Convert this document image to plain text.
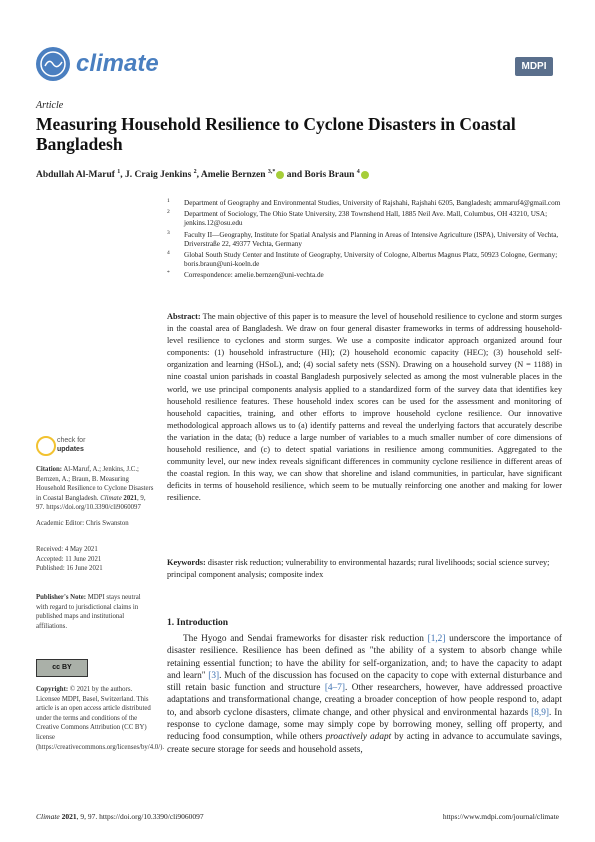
climate	MDPI
Article
Measuring Household Resilience to Cyclone Disasters in Coastal Bangladesh
Abdullah Al-Maruf $^1$, J. Craig Jenkins $^2$, Amelie Bernzen $^{3,*}$ and Boris Braun $^4$
1 Department of Geography and Environmental Studies, University of Rajshahi, Rajshahi 6205, Bangladesh; ammaruf4@gmail.com
2 Department of Sociology, The Ohio State University, 238 Townshend Hall, 1885 Neil Ave. Mall, Columbus, OH 43210, USA; jenkins.12@osu.edu
3 Faculty II—Geography, Institute for Spatial Analysis and Planning in Areas of Intensive Agriculture (ISPA), University of Vechta, Driverstraße 22, 49377 Vechta, Germany
4 Global South Study Center and Institute of Geography, University of Cologne, Albertus Magnus Platz, 50923 Cologne, Germany; boris.braun@uni-koeln.de
* Correspondence: amelie.bernzen@uni-vechta.de
Abstract: The main objective of this paper is to measure the level of household resilience to cyclone and storm surges in the coastal area of Bangladesh. We draw on four general disaster frameworks in terms of addressing household-level resilience to cyclones and storm surges. We use a composite indicator approach organized around four components: (1) household infrastructure (HI); (2) household economic capacity (HEC); (3) household self-organization and learning (HSoL), and; (4) social safety nets (SSN). Drawing on a household survey (N = 1188) in nine coastal union parishads in coastal Bangladesh purposively selected as among the most vulnerable places in the world, we use principal components analysis applied to a standardized form of the survey data that identifies key household resilience features. These household index scores can be used for the assessment and monitoring of household capacities, training, and other efforts to improve household cyclone resilience. Our innovative methodological approach allows us to (a) identify patterns and reveal the underlying factors that accurately describe the variation in the data; (b) reduce a large number of variables to a much smaller number of core dimensions of household resilience, and (c) to detect spatial variations in resilience among communities. Aggregated to the community level, our new index reveals significant differences in community cyclone resilience in different areas of the coastal region. In this way, we can show that shoreline and island communities, in particular, have significant deficits in terms of household resilience, which seem to be mutually reinforcing one another and making for lower resilience.
Keywords: disaster risk reduction; vulnerability to environmental hazards; rural livelihoods; social science survey; principal component analysis; composite index
check for
updates
Citation: Al-Maruf, A.; Jenkins, J.C.; Bernzen, A.; Braun, B. Measuring Household Resilience to Cyclone Disasters in Coastal Bangladesh. Climate 2021, 9, 97. https://doi.org/10.3390/cli9060097
Academic Editor: Chris Swanston
Received: 4 May 2021
Accepted: 11 June 2021
Published: 16 June 2021
Publisher's Note: MDPI stays neutral with regard to jurisdictional claims in published maps and institutional affiliations.
cc BY
Copyright: © 2021 by the authors. Licensee MDPI, Basel, Switzerland. This article is an open access article distributed under the terms and conditions of the Creative Commons Attribution (CC BY) license (https://creativecommons.org/licenses/by/4.0/).
1. Introduction
The Hyogo and Sendai frameworks for disaster risk reduction [1,2] underscore the importance of disaster resilience. Resilience has been defined as "the ability of a system to absorb change while retaining essential function; to have the ability for self-organization, and; to have the capacity to adapt and learn" [3]. Much of the discussion has focused on the capacity to cope with external disturbance and still retain basic function and structure [4–7]. Other researchers, however, have addressed proactive adaptations and transformational change, creating a broader conception of how people respond to, adapt to, and absorb cyclone disasters, climate change, and other physical and environmental hazards [8,9]. In response to cyclone damage, some may simply cope by borrowing money, selling off property, and reducing food consumption, while others proactively adapt by acting in advance to accumulate savings, create secure storage for seeds and household assets,
Climate 2021, 9, 97. https://doi.org/10.3390/cli9060097	https://www.mdpi.com/journal/climate
